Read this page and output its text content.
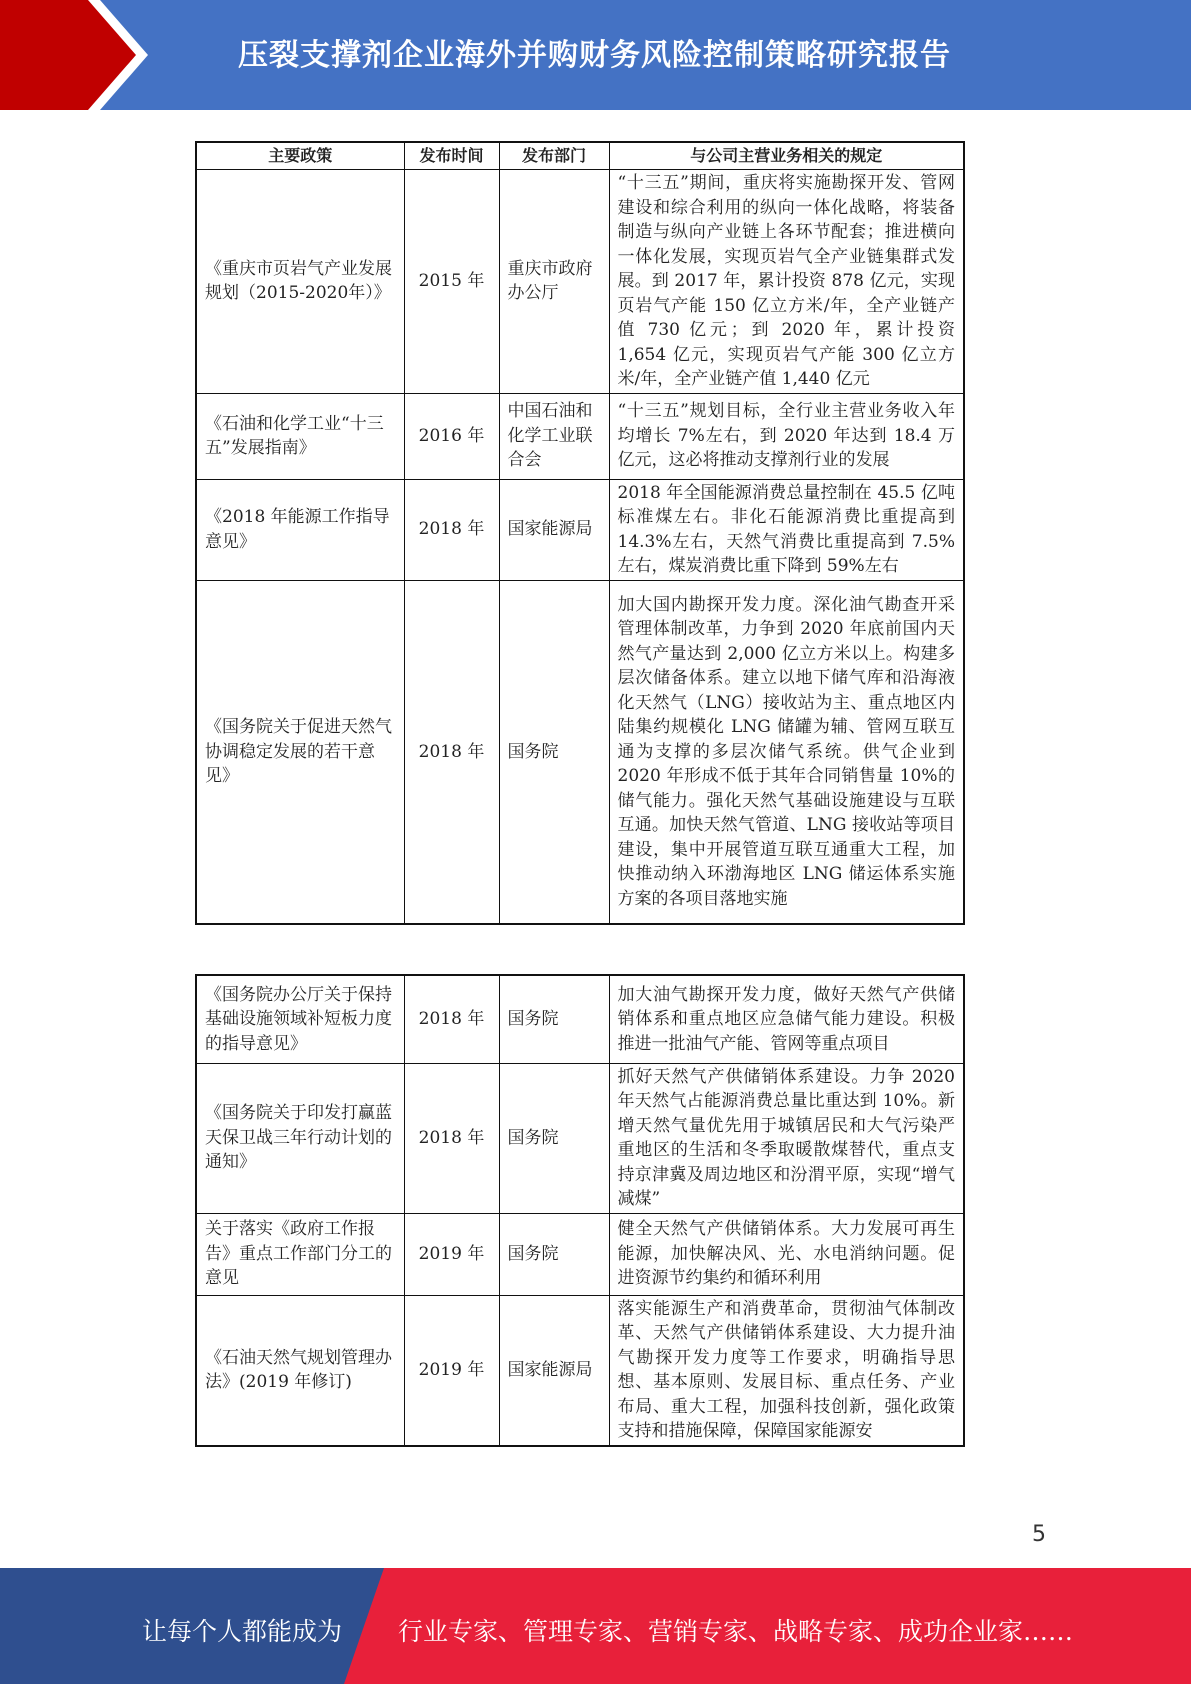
压裂支撑剂企业海外并购财务风险控制策略研究报告
主要政策	发布时间	发布部门	与公司主营业务相关的规定
《重庆市页岩气产业发展规划（2015-2020年）》	2015 年	重庆市政府办公厅	“十三五”期间，重庆将实施勘探开发、管网建设和综合利用的纵向一体化战略，将装备制造与纵向产业链上各环节配套；推进横向一体化发展，实现页岩气全产业链集群式发展。到 2017 年，累计投资 878 亿元，实现页岩气产能 150 亿立方米/年，全产业链产值 730 亿元；到 2020 年，累计投资 1,654 亿元，实现页岩气产能 300 亿立方米/年，全产业链产值 1,440 亿元
《石油和化学工业“十三五”发展指南》	2016 年	中国石油和化学工业联合会	“十三五”规划目标，全行业主营业务收入年均增长 7%左右，到 2020 年达到 18.4 万亿元，这必将推动支撑剂行业的发展
《2018 年能源工作指导意见》	2018 年	国家能源局	2018 年全国能源消费总量控制在 45.5 亿吨标准煤左右。非化石能源消费比重提高到 14.3%左右，天然气消费比重提高到 7.5%左右，煤炭消费比重下降到 59%左右
《国务院关于促进天然气协调稳定发展的若干意见》	2018 年	国务院	加大国内勘探开发力度。深化油气勘查开采管理体制改革，力争到 2020 年底前国内天然气产量达到 2,000 亿立方米以上。构建多层次储备体系。建立以地下储气库和沿海液化天然气（LNG）接收站为主、重点地区内陆集约规模化 LNG 储罐为辅、管网互联互通为支撑的多层次储气系统。供气企业到 2020 年形成不低于其年合同销售量 10%的储气能力。强化天然气基础设施建设与互联互通。加快天然气管道、LNG 接收站等项目建设，集中开展管道互联互通重大工程，加快推动纳入环渤海地区 LNG 储运体系实施方案的各项目落地实施
《国务院办公厅关于保持基础设施领域补短板力度的指导意见》	2018 年	国务院	加大油气勘探开发力度，做好天然气产供储销体系和重点地区应急储气能力建设。积极推进一批油气产能、管网等重点项目
《国务院关于印发打赢蓝天保卫战三年行动计划的通知》	2018 年	国务院	抓好天然气产供储销体系建设。力争 2020 年天然气占能源消费总量比重达到 10%。新增天然气量优先用于城镇居民和大气污染严重地区的生活和冬季取暖散煤替代，重点支持京津冀及周边地区和汾渭平原，实现“增气减煤”
关于落实《政府工作报告》重点工作部门分工的意见	2019 年	国务院	健全天然气产供储销体系。大力发展可再生能源，加快解决风、光、水电消纳问题。促进资源节约集约和循环利用
《石油天然气规划管理办法》(2019 年修订)	2019 年	国家能源局	落实能源生产和消费革命，贯彻油气体制改革、天然气产供储销体系建设、大力提升油气勘探开发力度等工作要求，明确指导思想、基本原则、发展目标、重点任务、产业布局、重大工程，加强科技创新，强化政策支持和措施保障，保障国家能源安
5
让每个人都能成为 行业专家、管理专家、营销专家、战略专家、成功企业家……
